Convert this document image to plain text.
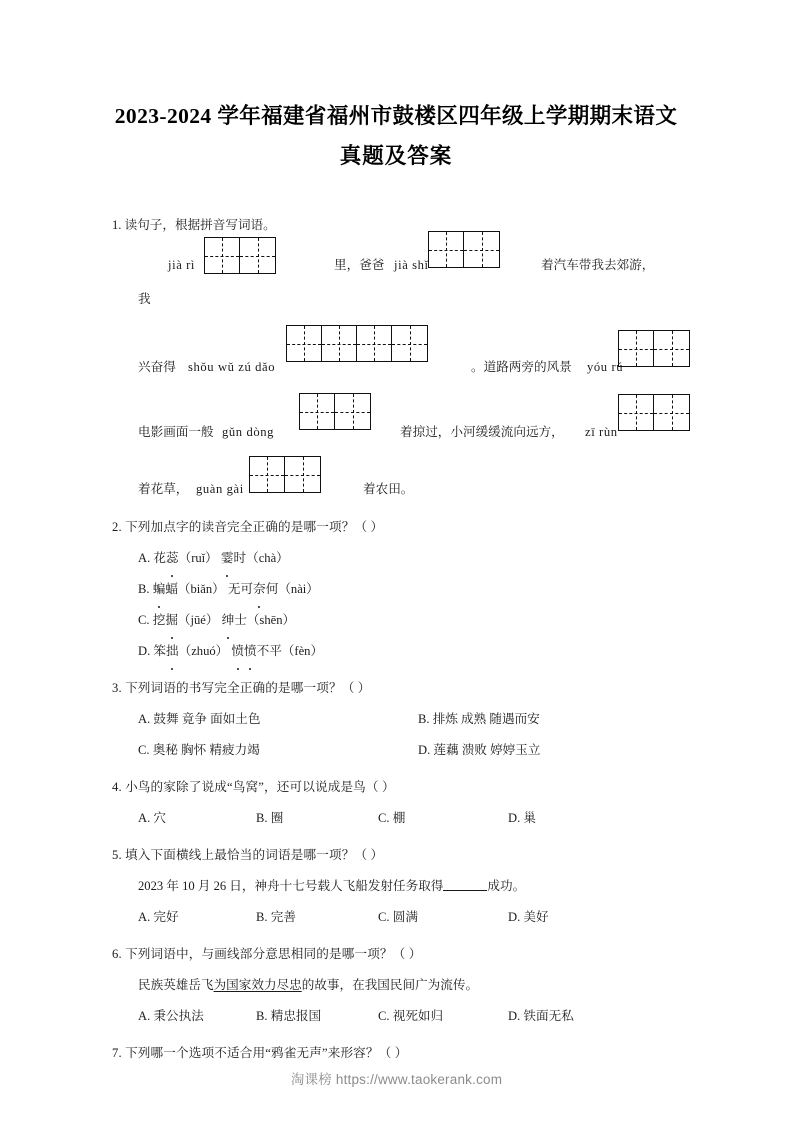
2023-2024 学年福建省福州市鼓楼区四年级上学期期末语文
真题及答案
1. 读句子，根据拼音写词语。
jià rì	里，爸爸 jià shǐ	着汽车带我去郊游，
我
兴奋得 shǒu wǔ zú dǎo	。道路两旁的风景 yóu rú
电影画面一般 gǔn dòng	着掠过，小河缓缓流向远方， zī rùn
着花草， guàn gài	着农田。
2. 下列加点字的读音完全正确的是哪一项？（ ）
A. 花蕊（ruǐ） 霎时（chà）
B. 蝙蝠（biǎn） 无可奈何（nài）
C. 挖掘（jūé） 绅士（shēn）
D. 笨拙（zhuó） 愤愤不平（fèn）
3. 下列词语的书写完全正确的是哪一项？（ ）
A. 鼓舞 竟争 面如土色	B. 排炼 成熟 随遇而安
C. 奥秘 胸怀 精疲力竭	D. 莲藕 溃败 婷婷玉立
4. 小鸟的家除了说成“鸟窝”，还可以说成是鸟（ ）
A. 穴	B. 圈	C. 棚	D. 巢
5. 填入下面横线上最恰当的词语是哪一项？（ ）
2023 年 10 月 26 日，神舟十七号载人飞船发射任务取得	成功。
A. 完好	B. 完善	C. 圆满	D. 美好
6. 下列词语中，与画线部分意思相同的是哪一项？（ ）
民族英雄岳飞为国家效力尽忠的故事，在我国民间广为流传。
A. 秉公执法	B. 精忠报国	C. 视死如归	D. 铁面无私
7. 下列哪一个选项不适合用“鸦雀无声”来形容？（ ）
淘课榜 https://www.taokerank.com
